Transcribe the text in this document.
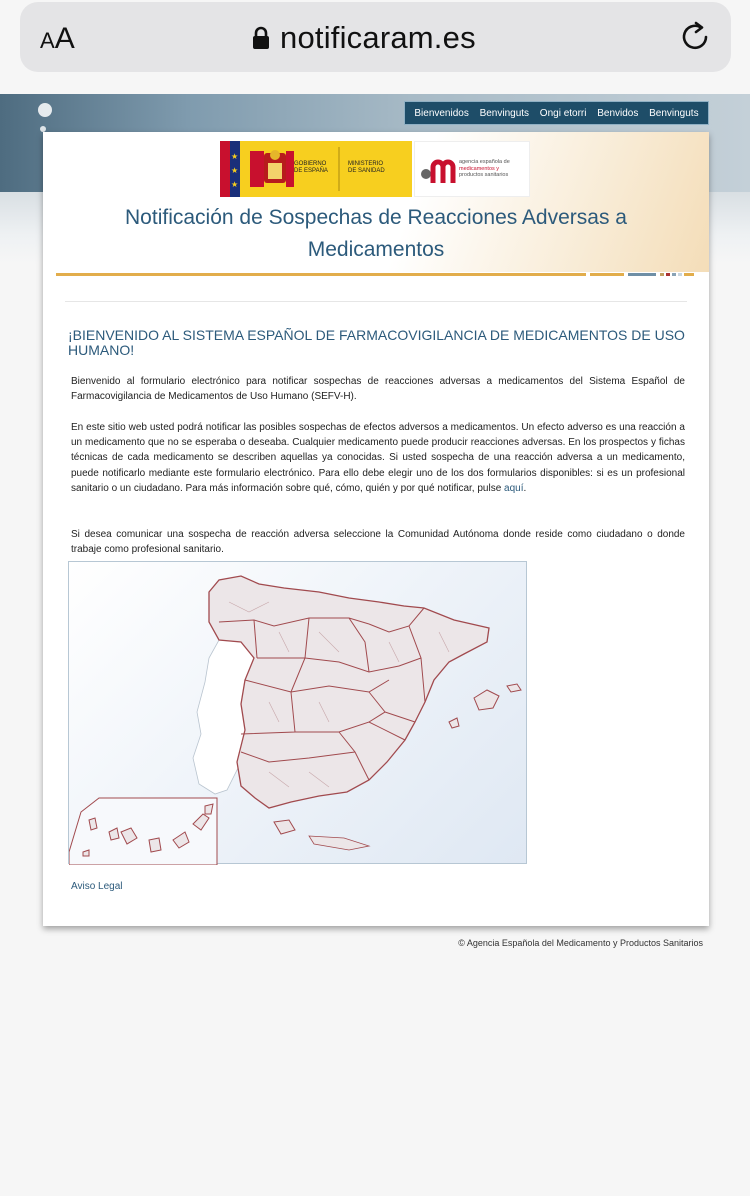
AA	notificaram.es
Bienvenidos Benvinguts Ongi etorri Benvidos Benvinguts
★
★
★
GOBIERNO
DE ESPAÑA
MINISTERIO
DE SANIDAD
agencia española de
medicamentos y
productos sanitarios
Notificación de Sospechas de Reacciones Adversas a Medicamentos
¡BIENVENIDO AL SISTEMA ESPAÑOL DE FARMACOVIGILANCIA DE MEDICAMENTOS DE USO HUMANO!

Bienvenido al formulario electrónico para notificar sospechas de reacciones adversas a medicamentos del Sistema Español de Farmacovigilancia de Medicamentos de Uso Humano (SEFV-H).

En este sitio web usted podrá notificar las posibles sospechas de efectos adversos a medicamentos. Un efecto adverso es una reacción a un medicamento que no se esperaba o deseaba. Cualquier medicamento puede producir reacciones adversas. En los prospectos y fichas técnicas de cada medicamento se describen aquellas ya conocidas. Si usted sospecha de una reacción adversa a un medicamento, puede notificarlo mediante este formulario electrónico. Para ello debe elegir uno de los dos formularios disponibles: si es un profesional sanitario o un ciudadano. Para más información sobre qué, cómo, quién y por qué notificar, pulse aquí.

Si desea comunicar una sospecha de reacción adversa seleccione la Comunidad Autónoma donde reside como ciudadano o donde trabaje como profesional sanitario.

Aviso Legal
© Agencia Española del Medicamento y Productos Sanitarios
